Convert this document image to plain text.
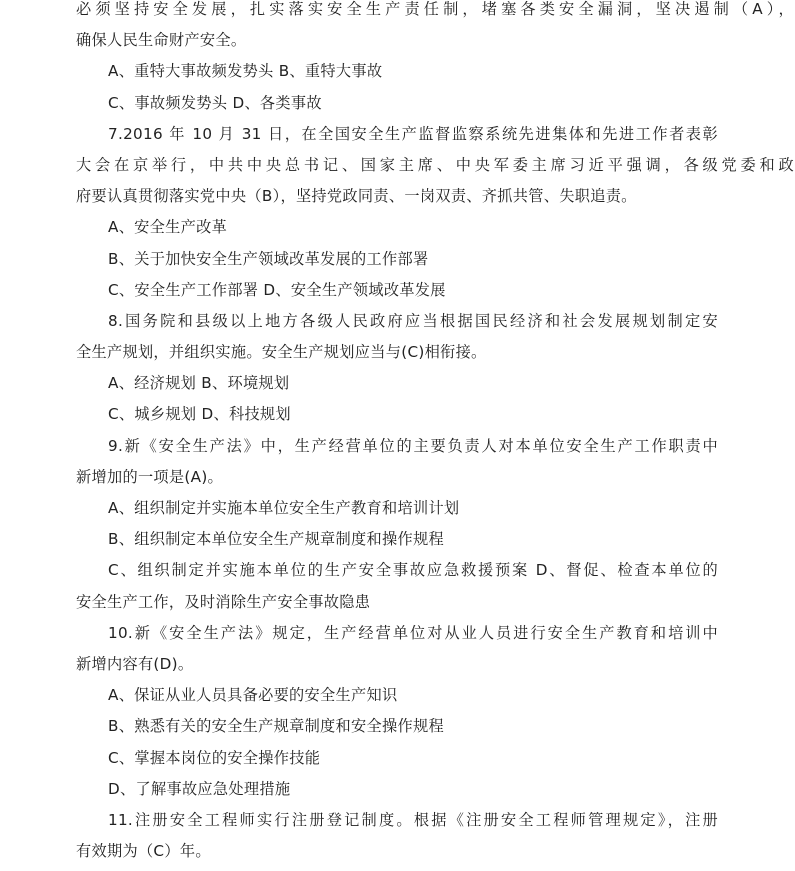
必须坚持安全发展，扎实落实安全生产责任制，堵塞各类安全漏洞，坚决遏制（A），
确保人民生命财产安全。
A、重特大事故频发势头 B、重特大事故
C、事故频发势头 D、各类事故
7.2016 年 10 月 31 日，在全国安全生产监督监察系统先进集体和先进工作者表彰
大会在京举行，中共中央总书记、国家主席、中央军委主席习近平强调，各级党委和政
府要认真贯彻落实党中央（B），坚持党政同责、一岗双责、齐抓共管、失职追责。
A、安全生产改革
B、关于加快安全生产领域改革发展的工作部署
C、安全生产工作部署 D、安全生产领域改革发展
8.国务院和县级以上地方各级人民政府应当根据国民经济和社会发展规划制定安
全生产规划，并组织实施。安全生产规划应当与(C)相衔接。
A、经济规划 B、环境规划
C、城乡规划 D、科技规划
9.新《安全生产法》中，生产经营单位的主要负责人对本单位安全生产工作职责中
新增加的一项是(A)。
A、组织制定并实施本单位安全生产教育和培训计划
B、组织制定本单位安全生产规章制度和操作规程
C、组织制定并实施本单位的生产安全事故应急救援预案 D、督促、检查本单位的
安全生产工作，及时消除生产安全事故隐患
10.新《安全生产法》规定，生产经营单位对从业人员进行安全生产教育和培训中
新增内容有(D)。
A、保证从业人员具备必要的安全生产知识
B、熟悉有关的安全生产规章制度和安全操作规程
C、掌握本岗位的安全操作技能
D、了解事故应急处理措施
11.注册安全工程师实行注册登记制度。根据《注册安全工程师管理规定》，注册
有效期为（C）年。
